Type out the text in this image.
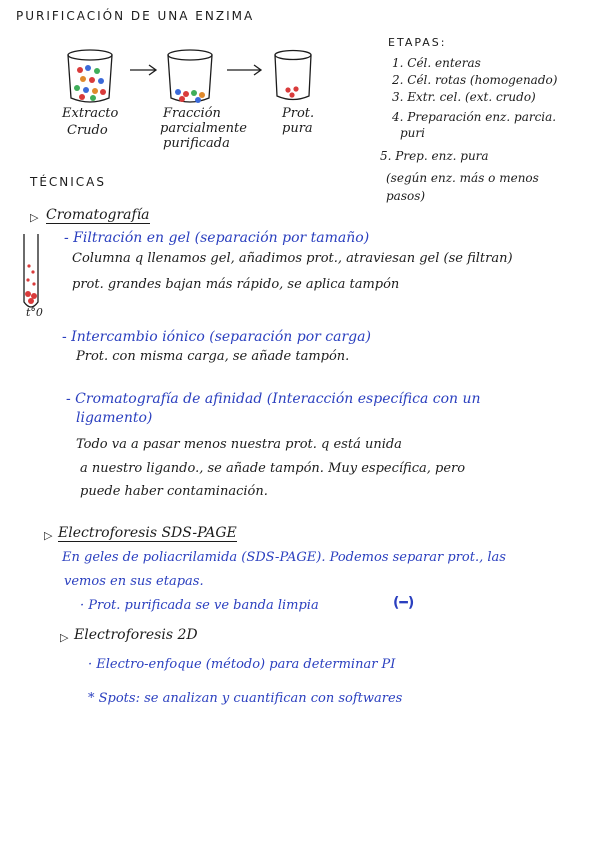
PURIFICACIÓN DE UNA ENZIMA
Extracto
Crudo
Fracción
parcialmente
purificada
Prot.
pura
ETAPAS:
1. Cél. enteras
2. Cél. rotas (homogenado)
3. Extr. cel. (ext. crudo)
4. Preparación enz. parcia.
puri
5. Prep. enz. pura
(según enz. más o menos
pasos)
TÉCNICAS
▷ Cromatografía
t°0
- Filtración en gel (separación por tamaño)
Columna q llenamos gel, añadimos prot., atraviesan gel (se filtran)
prot. grandes bajan más rápido, se aplica tampón
- Intercambio iónico (separación por carga)
Prot. con misma carga, se añade tampón.
- Cromatografía de afinidad (Interacción específica con un
ligamento)
Todo va a pasar menos nuestra prot. q está unida
a nuestro ligando., se añade tampón. Muy específica, pero
puede haber contaminación.
▷ Electroforesis SDS-PAGE
En geles de poliacrilamida (SDS-PAGE). Podemos separar prot., las
vemos en sus etapas.
· Prot. purificada se ve banda limpia	(━)
▷ Electroforesis 2D
· Electro-enfoque (método) para determinar PI
* Spots: se analizan y cuantifican con softwares
